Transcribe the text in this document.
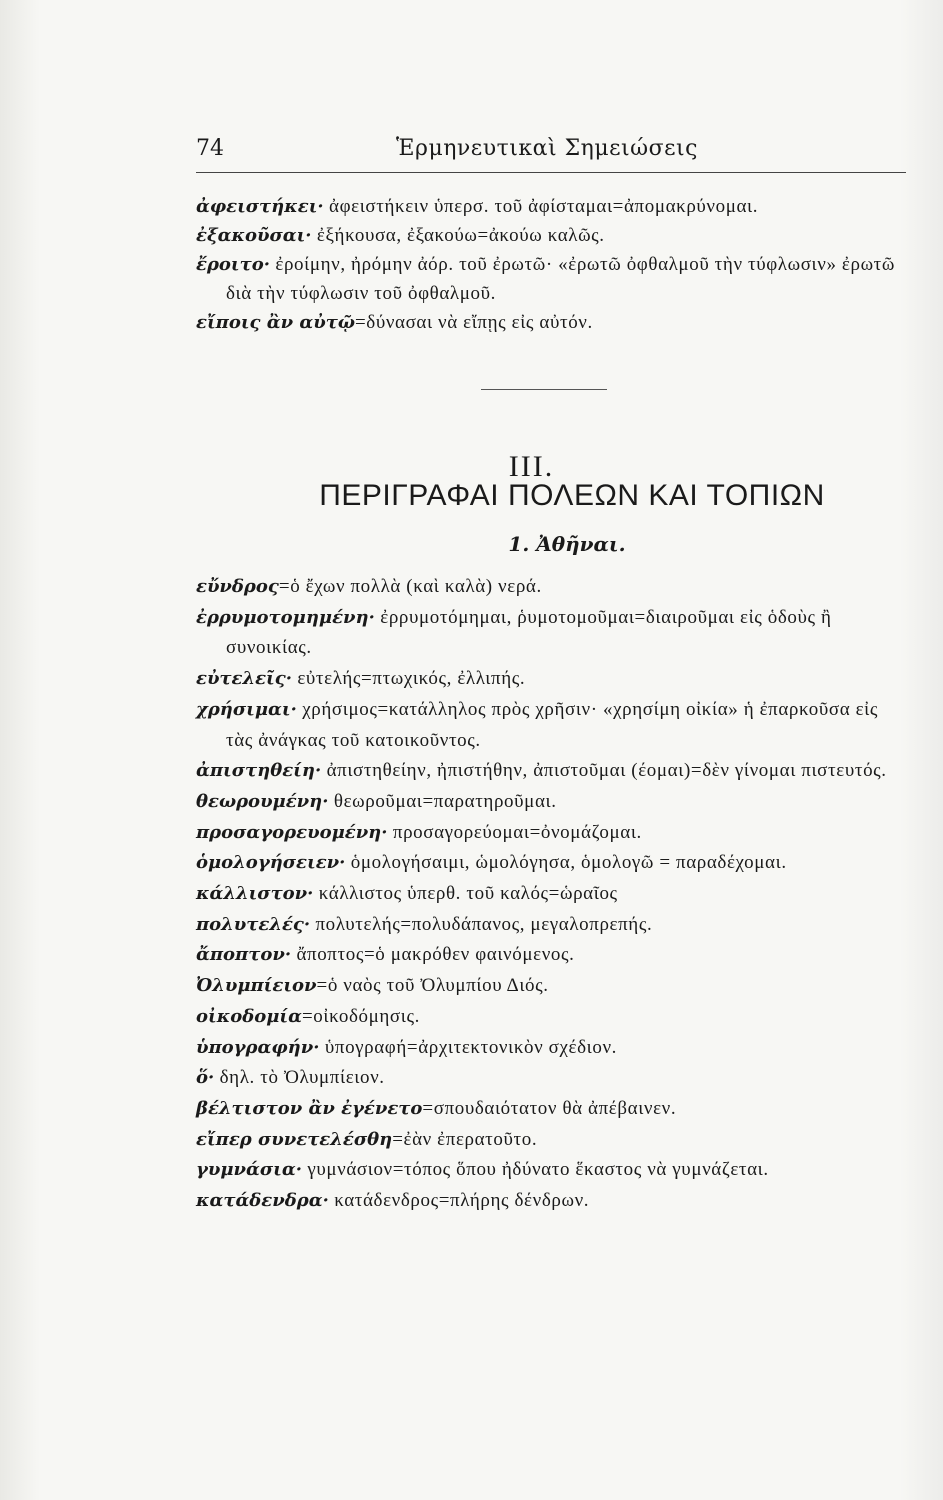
74	Ἑρμηνευτικαὶ Σημειώσεις

ἀφειστήκει· ἀφειστήκειν ὑπερσ. τοῦ ἀφίσταμαι=ἀπομακρύνομαι.

ἐξακοῦσαι· ἐξήκουσα, ἐξακούω=ἀκούω καλῶς.

ἔροιτο· ἐροίμην, ἠρόμην ἀόρ. τοῦ ἐρωτῶ· «ἐρωτῶ ὀφθαλμοῦ τὴν τύφλωσιν» ἐρωτῶ διὰ τὴν τύφλωσιν τοῦ ὀφθαλμοῦ.

εἴποις ἂν αὐτῷ=δύνασαι νὰ εἴπῃς εἰς αὐτόν.

III.
ΠΕΡΙΓΡΑΦΑΙ ΠΟΛΕΩΝ ΚΑΙ ΤΟΠΙΩΝ
1. Ἀθῆναι.

εὔνδρος=ὁ ἔχων πολλὰ (καὶ καλὰ) νερά.

ἐρρυμοτομημένη· ἐρρυμοτόμημαι, ῥυμοτομοῦμαι=διαιροῦμαι εἰς ὁδοὺς ἢ συνοικίας.

εὐτελεῖς· εὐτελής=πτωχικός, ἐλλιπής.

χρήσιμαι· χρήσιμος=κατάλληλος πρὸς χρῆσιν· «χρησίμη οἰκία» ἡ ἐπαρκοῦσα εἰς τὰς ἀνάγκας τοῦ κατοικοῦντος.

ἀπιστηθείη· ἀπιστηθείην, ἠπιστήθην, ἀπιστοῦμαι (έομαι)=δὲν γίνομαι πιστευτός.

θεωρουμένη· θεωροῦμαι=παρατηροῦμαι.

προσαγορευομένη· προσαγορεύομαι=ὀνομάζομαι.

ὁμολογήσειεν· ὁμολογήσαιμι, ὡμολόγησα, ὁμολογῶ = παραδέχομαι.

κάλλιστον· κάλλιστος ὑπερθ. τοῦ καλός=ὡραῖος

πολυτελές· πολυτελής=πολυδάπανος, μεγαλοπρεπής.

ἄποπτον· ἄποπτος=ὁ μακρόθεν φαινόμενος.

Ὀλυμπίειον=ὁ ναὸς τοῦ Ὀλυμπίου Διός.

οἰκοδομία=οἰκοδόμησις.

ὑπογραφήν· ὑπογραφή=ἀρχιτεκτονικὸν σχέδιον.

ὅ· δηλ. τὸ Ὀλυμπίειον.

βέλτιστον ἂν ἐγένετο=σπουδαιότατον θὰ ἀπέβαινεν.

εἴπερ συνετελέσθη=ἐὰν ἐπερατοῦτο.

γυμνάσια· γυμνάσιον=τόπος ὅπου ἠδύνατο ἕκαστος νὰ γυμνάζεται.

κατάδενδρα· κατάδενδρος=πλήρης δένδρων.
